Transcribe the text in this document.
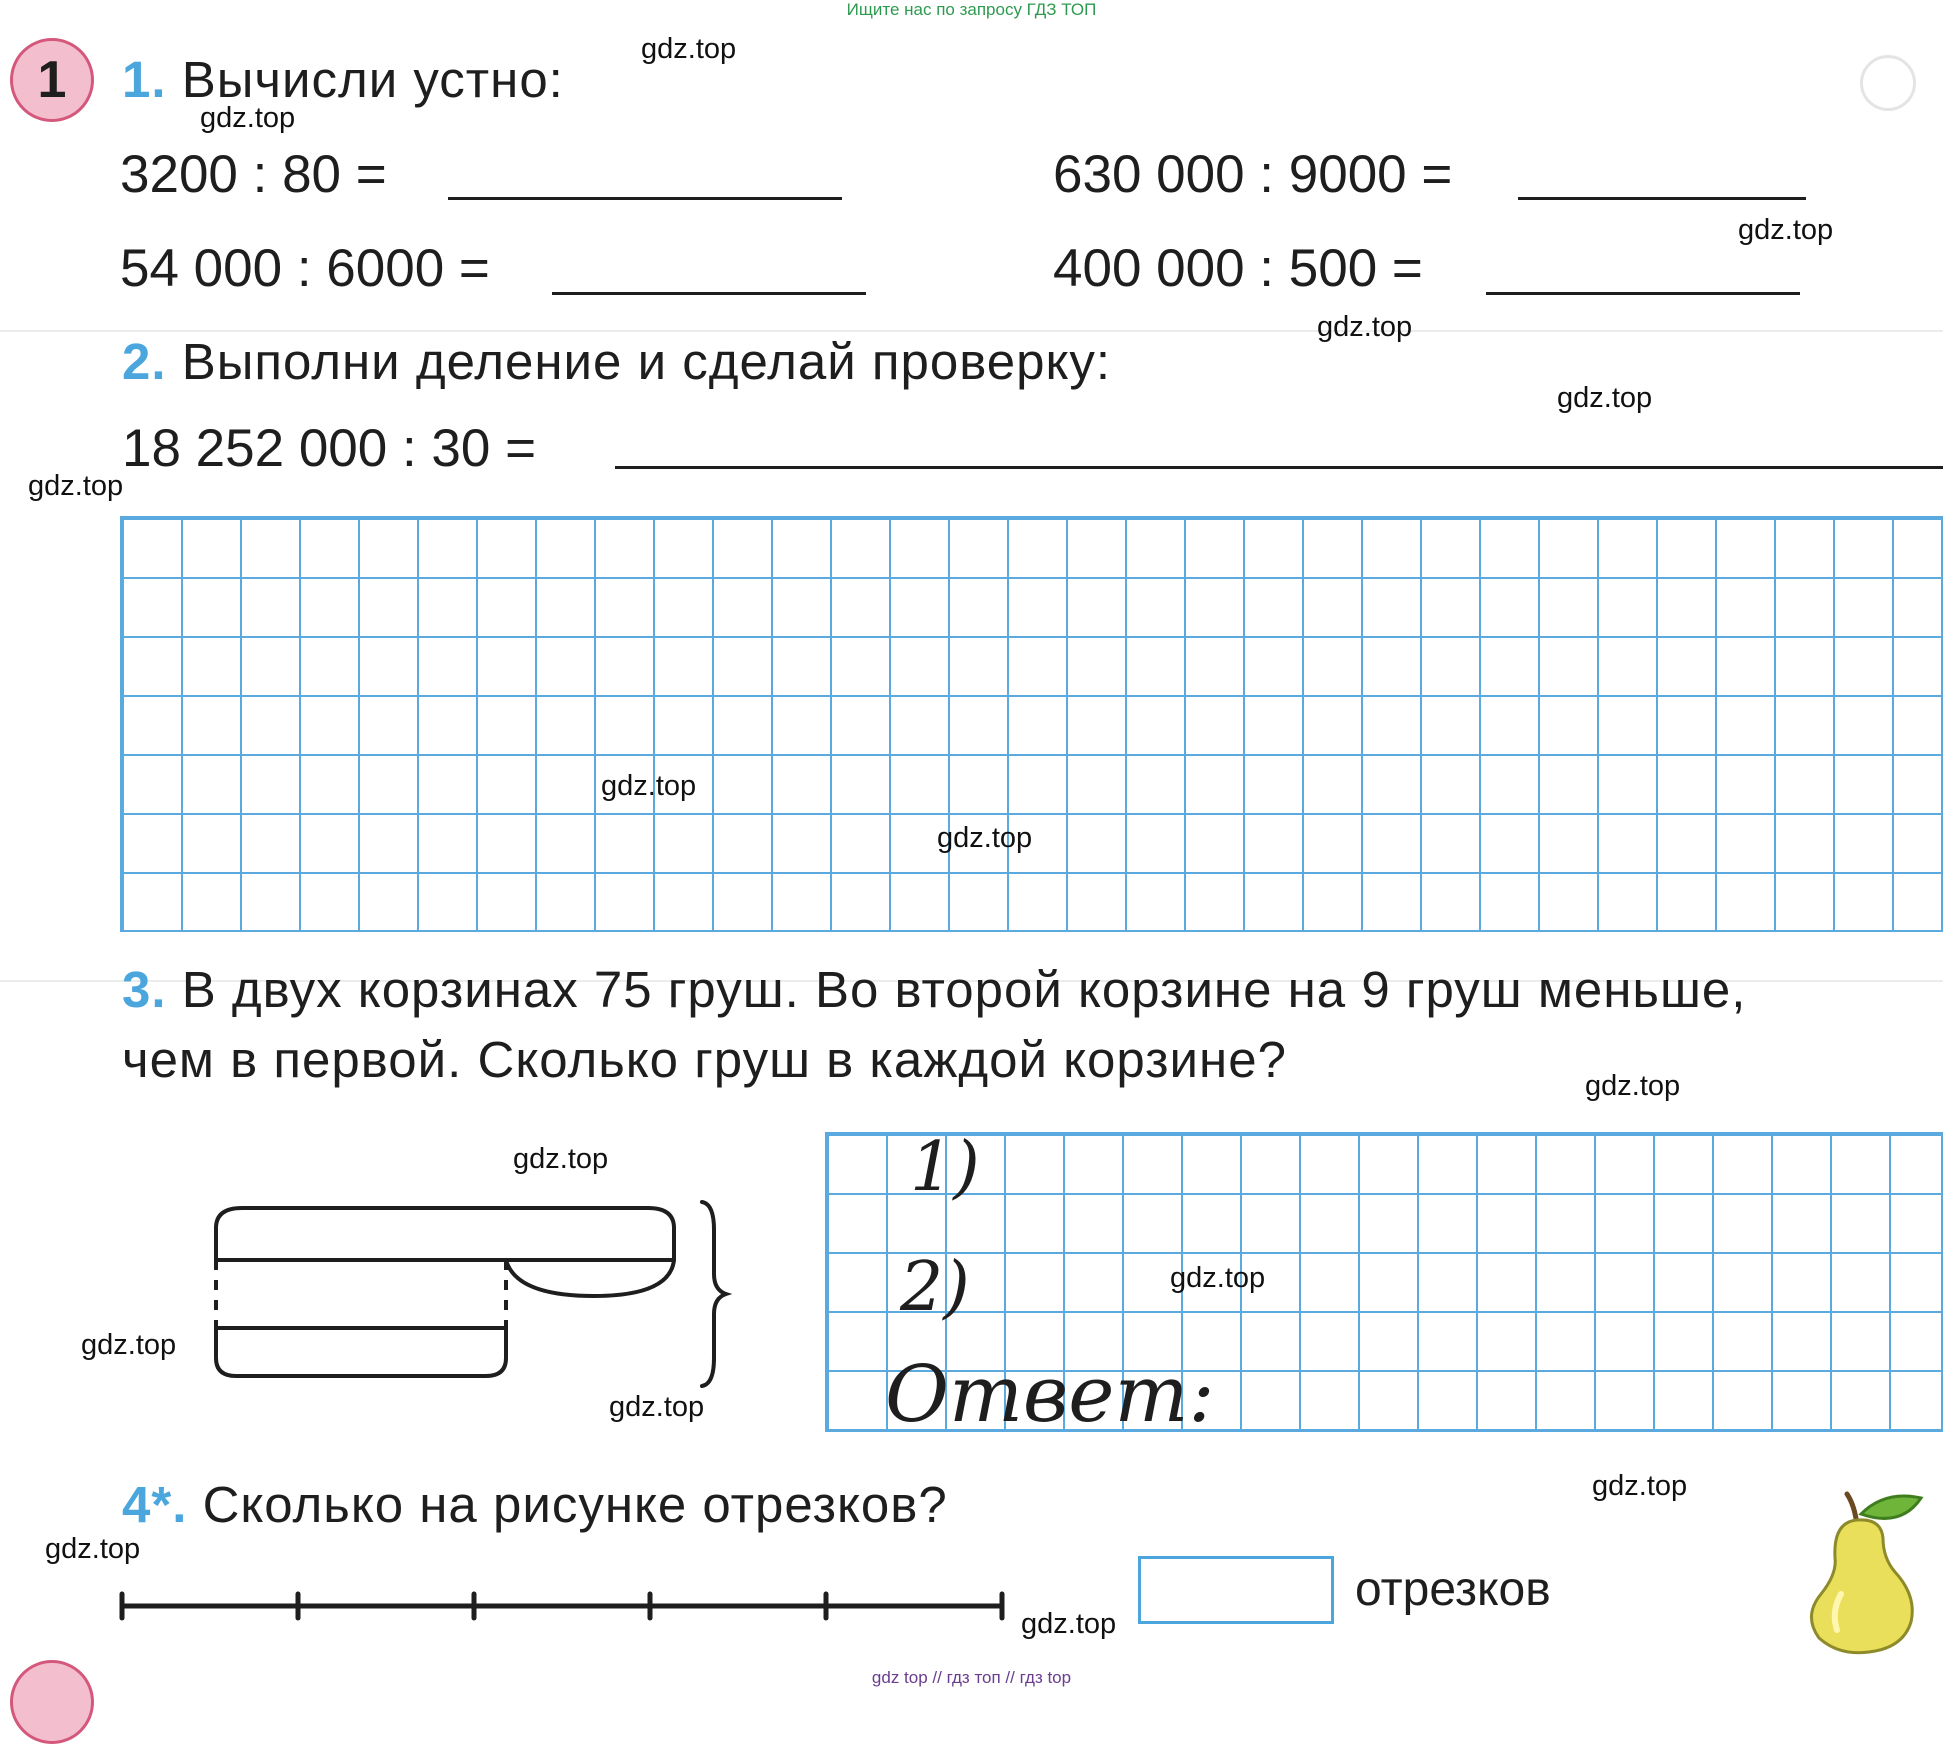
Ищите нас по запросу ГДЗ ТОП
1	1. Вычисли устно:
3200 : 80 =	630 000 : 9000 =
54 000 : 6000 =	400 000 : 500 =
2. Выполни деление и сделай проверку:
18 252 000 : 30 =
3. В двух корзинах 75 груш. Во второй корзине на 9 груш меньше,
чем в первой. Сколько груш в каждой корзине?
1)
2)
Ответ:
4*. Сколько на рисунке отрезков?
отрезков
gdz.top
gdz.top
gdz.top
gdz.top
gdz.top
gdz.top
gdz.top
gdz.top
gdz.top
gdz.top
gdz.top
gdz.top
gdz.top
gdz.top
gdz.top
gdz.top
gdz top // гдз топ // гдз top
